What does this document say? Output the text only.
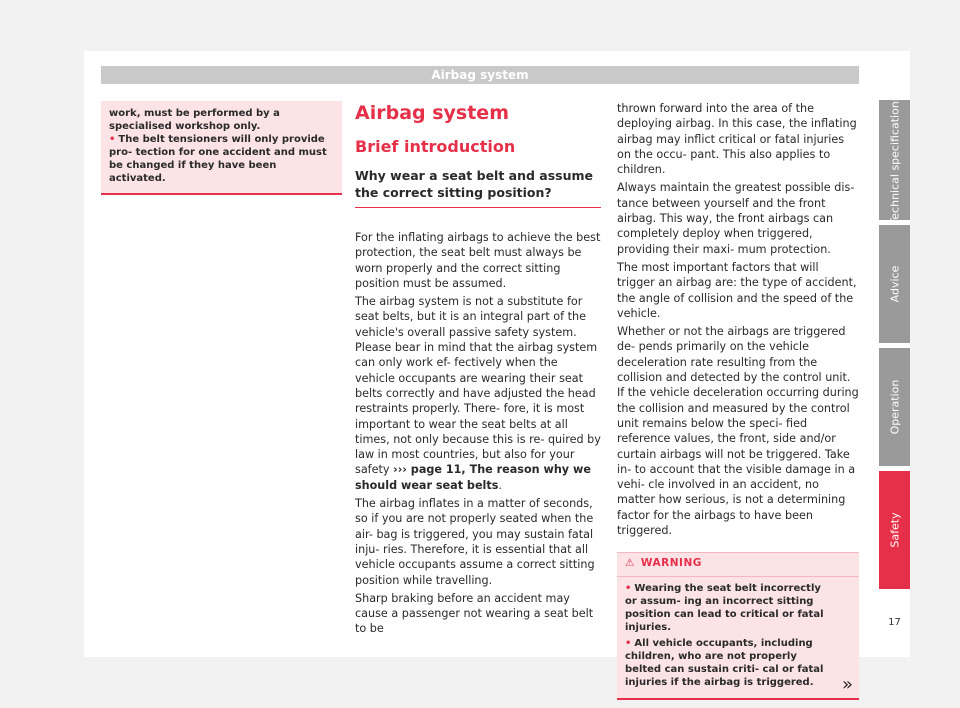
Airbag system

work, must be performed by a specialised workshop only.

• The belt tensioners will only provide pro- tection for one accident and must be changed if they have been activated.

Airbag system
Brief introduction
Why wear a seat belt and assume the correct sitting position?

For the inflating airbags to achieve the best protection, the seat belt must always be worn properly and the correct sitting position must be assumed.

The airbag system is not a substitute for seat belts, but it is an integral part of the vehicle's overall passive safety system. Please bear in mind that the airbag system can only work ef- fectively when the vehicle occupants are wearing their seat belts correctly and have adjusted the head restraints properly. There- fore, it is most important to wear the seat belts at all times, not only because this is re- quired by law in most countries, but also for your safety ››› page 11, The reason why we should wear seat belts.

The airbag inflates in a matter of seconds, so if you are not properly seated when the air- bag is triggered, you may sustain fatal inju- ries. Therefore, it is essential that all vehicle occupants assume a correct sitting position while travelling.

Sharp braking before an accident may cause a passenger not wearing a seat belt to be

thrown forward into the area of the deploying airbag. In this case, the inflating airbag may inflict critical or fatal injuries on the occu- pant. This also applies to children.

Always maintain the greatest possible dis- tance between yourself and the front airbag. This way, the front airbags can completely deploy when triggered, providing their maxi- mum protection.

The most important factors that will trigger an airbag are: the type of accident, the angle of collision and the speed of the vehicle.

Whether or not the airbags are triggered de- pends primarily on the vehicle deceleration rate resulting from the collision and detected by the control unit. If the vehicle deceleration occurring during the collision and measured by the control unit remains below the speci- fied reference values, the front, side and/or curtain airbags will not be triggered. Take in- to account that the visible damage in a vehi- cle involved in an accident, no matter how serious, is not a determining factor for the airbags to have been triggered.

⚠ WARNING

• Wearing the seat belt incorrectly or assum- ing an incorrect sitting position can lead to critical or fatal injuries.

• All vehicle occupants, including children, who are not properly belted can sustain criti- cal or fatal injuries if the airbag is triggered.	»
Technical specifications
Advice
Operation
Safety
17
